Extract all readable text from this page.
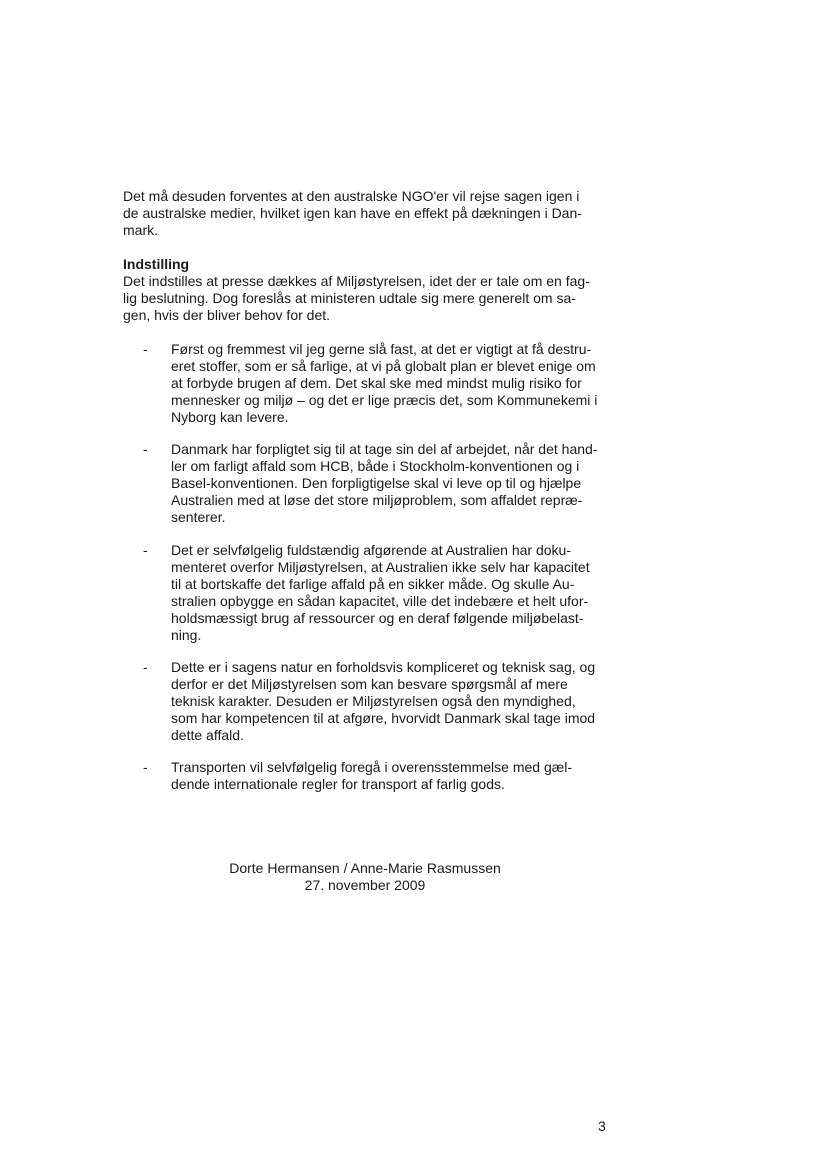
Det må desuden forventes at den australske NGO'er vil rejse sagen igen i
de australske medier, hvilket igen kan have en effekt på dækningen i Dan-
mark.
Indstilling
Det indstilles at presse dækkes af Miljøstyrelsen, idet der er tale om en fag-
lig beslutning. Dog foreslås at ministeren udtale sig mere generelt om sa-
gen, hvis der bliver behov for det.
-	Først og fremmest vil jeg gerne slå fast, at det er vigtigt at få destru-
eret stoffer, som er så farlige, at vi på globalt plan er blevet enige om
at forbyde brugen af dem. Det skal ske med mindst mulig risiko for
mennesker og miljø – og det er lige præcis det, som Kommunekemi i
Nyborg kan levere.
-	Danmark har forpligtet sig til at tage sin del af arbejdet, når det hand-
ler om farligt affald som HCB, både i Stockholm-konventionen og i
Basel-konventionen. Den forpligtigelse skal vi leve op til og hjælpe
Australien med at løse det store miljøproblem, som affaldet repræ-
senterer.
-	Det er selvfølgelig fuldstændig afgørende at Australien har doku-
menteret overfor Miljøstyrelsen, at Australien ikke selv har kapacitet
til at bortskaffe det farlige affald på en sikker måde. Og skulle Au-
stralien opbygge en sådan kapacitet, ville det indebære et helt ufor-
holdsmæssigt brug af ressourcer og en deraf følgende miljøbelast-
ning.
-	Dette er i sagens natur en forholdsvis kompliceret og teknisk sag, og
derfor er det Miljøstyrelsen som kan besvare spørgsmål af mere
teknisk karakter. Desuden er Miljøstyrelsen også den myndighed,
som har kompetencen til at afgøre, hvorvidt Danmark skal tage imod
dette affald.
-	Transporten vil selvfølgelig foregå i overensstemmelse med gæl-
dende internationale regler for transport af farlig gods.
Dorte Hermansen / Anne-Marie Rasmussen
27. november 2009
3
